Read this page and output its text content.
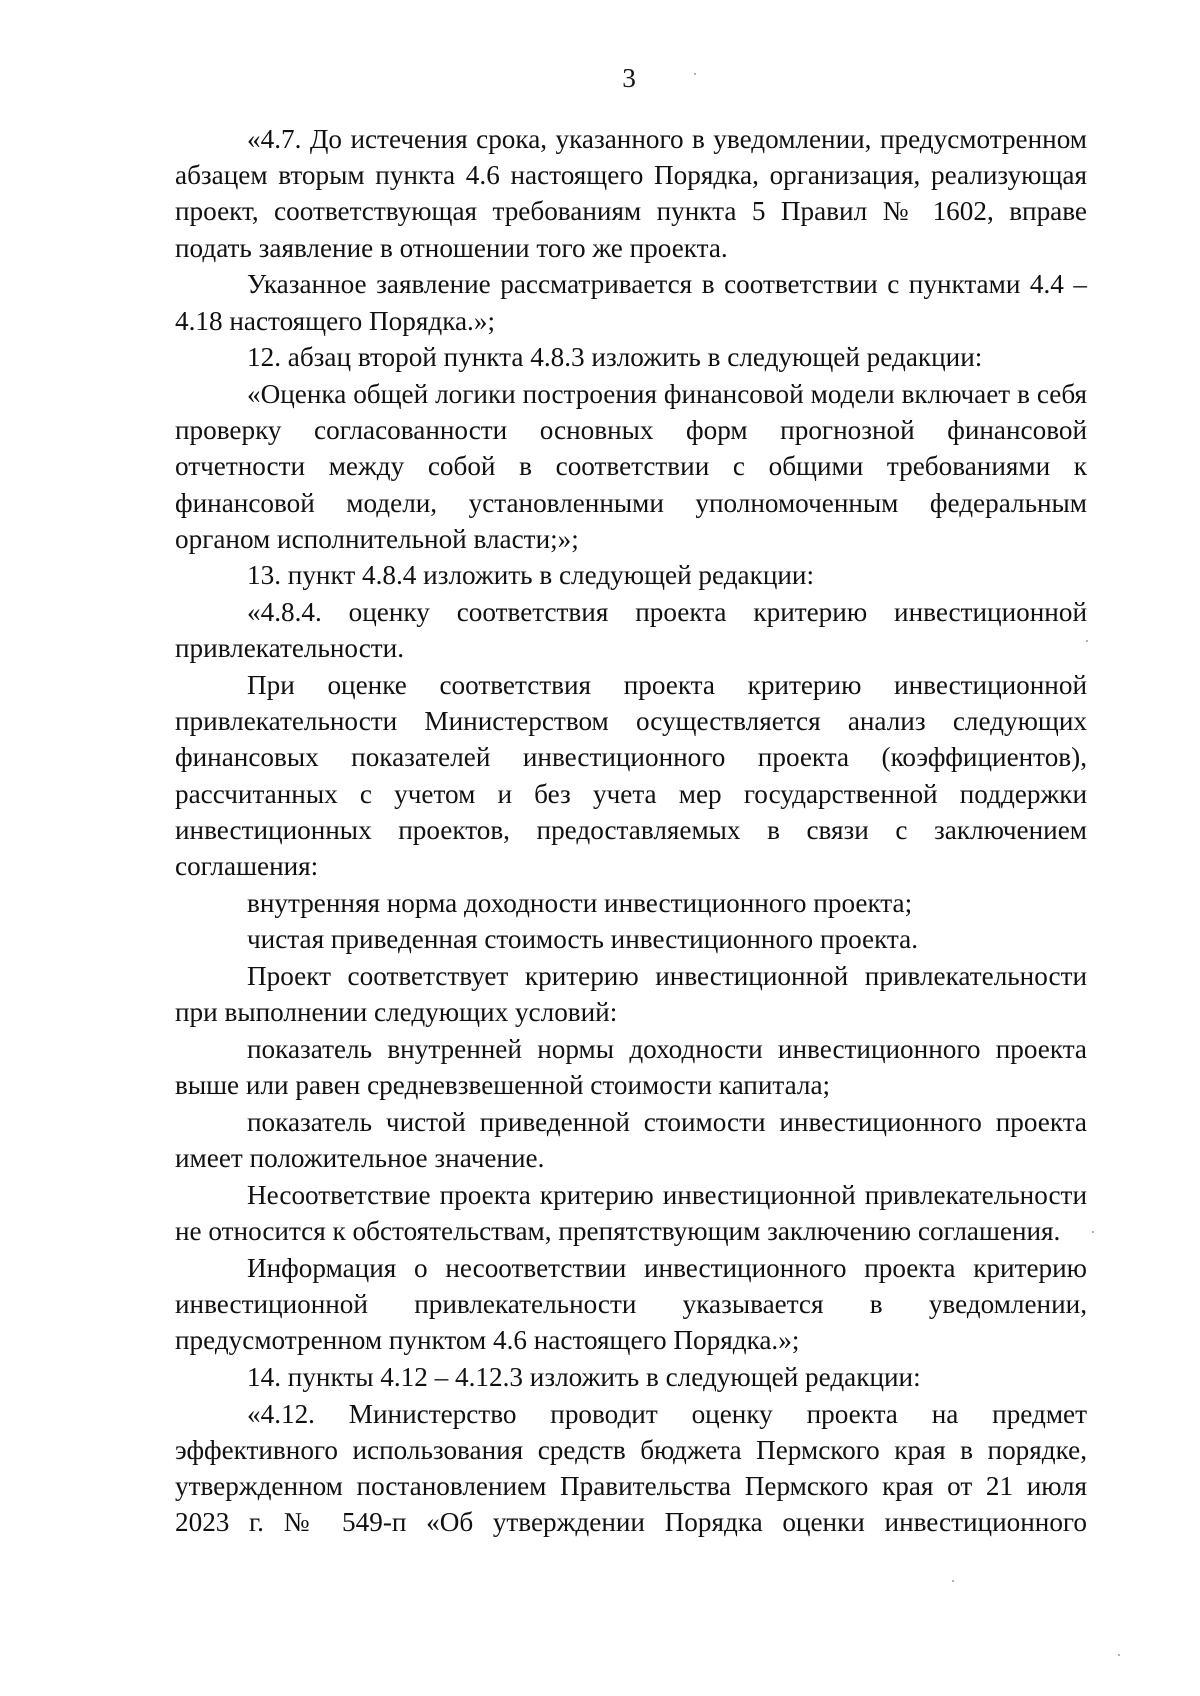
3

«4.7. До истечения срока, указанного в уведомлении, предусмотренном абзацем вторым пункта 4.6 настоящего Порядка, организация, реализующая проект, соответствующая требованиям пункта 5 Правил № 1602, вправе подать заявление в отношении того же проекта.

Указанное заявление рассматривается в соответствии с пунктами 4.4 – 4.18 настоящего Порядка.»;

12. абзац второй пункта 4.8.3 изложить в следующей редакции:

«Оценка общей логики построения финансовой модели включает в себя проверку согласованности основных форм прогнозной финансовой отчетности между собой в соответствии с общими требованиями к финансовой модели, установленными уполномоченным федеральным органом исполнительной власти;»;

13. пункт 4.8.4 изложить в следующей редакции:

«4.8.4. оценку соответствия проекта критерию инвестиционной привлекательности.

При оценке соответствия проекта критерию инвестиционной привлекательности Министерством осуществляется анализ следующих финансовых показателей инвестиционного проекта (коэффициентов), рассчитанных с учетом и без учета мер государственной поддержки инвестиционных проектов, предоставляемых в связи с заключением соглашения:

внутренняя норма доходности инвестиционного проекта;

чистая приведенная стоимость инвестиционного проекта.

Проект соответствует критерию инвестиционной привлекательности при выполнении следующих условий:

показатель внутренней нормы доходности инвестиционного проекта выше или равен средневзвешенной стоимости капитала;

показатель чистой приведенной стоимости инвестиционного проекта имеет положительное значение.

Несоответствие проекта критерию инвестиционной привлекательности не относится к обстоятельствам, препятствующим заключению соглашения.

Информация о несоответствии инвестиционного проекта критерию инвестиционной привлекательности указывается в уведомлении, предусмотренном пунктом 4.6 настоящего Порядка.»;

14. пункты 4.12 – 4.12.3 изложить в следующей редакции:

«4.12. Министерство проводит оценку проекта на предмет эффективного использования средств бюджета Пермского края в порядке, утвержденном постановлением Правительства Пермского края от 21 июля 2023 г. № 549-п «Об утверждении Порядка оценки инвестиционного
